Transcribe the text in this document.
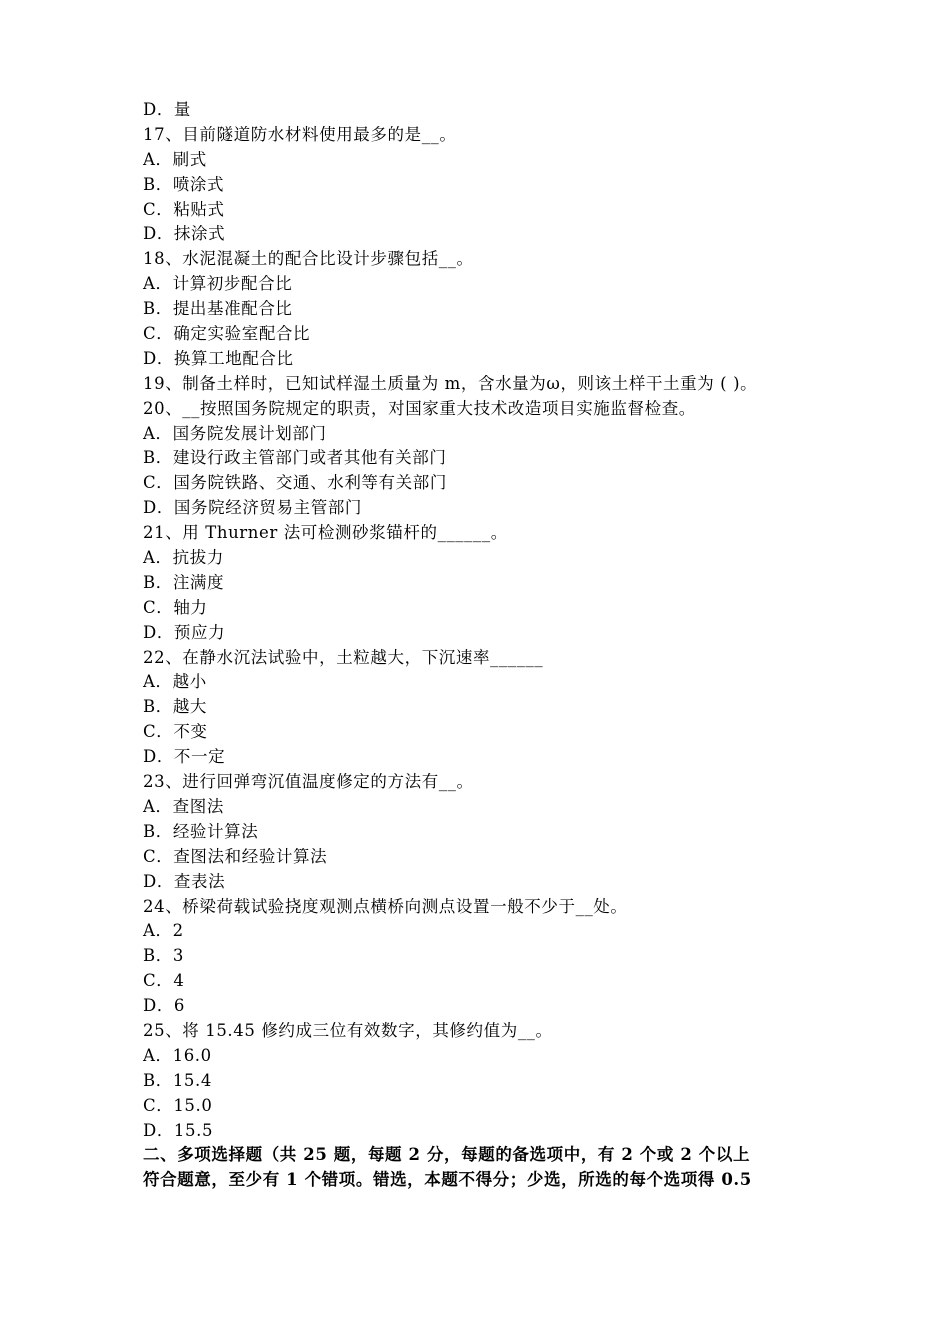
D．量
17、目前隧道防水材料使用最多的是__。
A．刷式
B．喷涂式
C．粘贴式
D．抹涂式
18、水泥混凝土的配合比设计步骤包括__。
A．计算初步配合比
B．提出基准配合比
C．确定实验室配合比
D．换算工地配合比
19、制备土样时，已知试样湿土质量为 m，含水量为ω，则该土样干土重为 ( )。
20、__按照国务院规定的职责，对国家重大技术改造项目实施监督检查。
A．国务院发展计划部门
B．建设行政主管部门或者其他有关部门
C．国务院铁路、交通、水利等有关部门
D．国务院经济贸易主管部门
21、用 Thurner 法可检测砂浆锚杆的______。
A．抗拔力
B．注满度
C．轴力
D．预应力
22、在静水沉法试验中，土粒越大，下沉速率______
A．越小
B．越大
C．不变
D．不一定
23、进行回弹弯沉值温度修定的方法有__。
A．查图法
B．经验计算法
C．查图法和经验计算法
D．查表法
24、桥梁荷载试验挠度观测点横桥向测点设置一般不少于__处。
A．2
B．3
C．4
D．6
25、将 15.45 修约成三位有效数字，其修约值为__。
A．16.0
B．15.4
C．15.0
D．15.5
二、多项选择题（共 25 题，每题 2 分，每题的备选项中，有 2 个或 2 个以上
符合题意，至少有 1 个错项。错选，本题不得分；少选，所选的每个选项得 0.5
